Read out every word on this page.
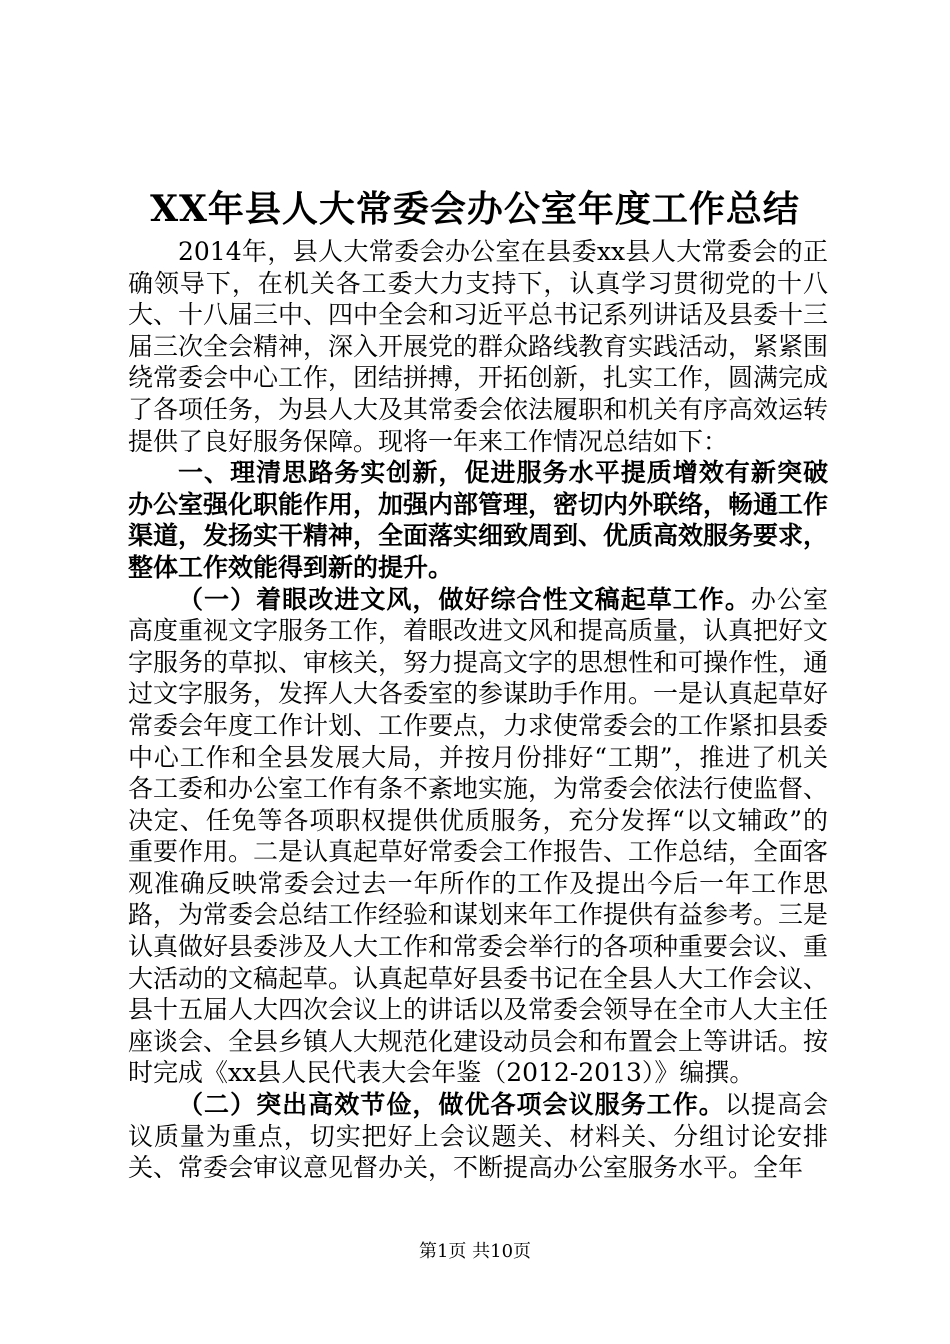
XX年县人大常委会办公室年度工作总结

2014年，县人大常委会办公室在县委xx县人大常委会的正确领导下，在机关各工委大力支持下，认真学习贯彻党的十八大、十八届三中、四中全会和习近平总书记系列讲话及县委十三届三次全会精神，深入开展党的群众路线教育实践活动，紧紧围绕常委会中心工作，团结拼搏，开拓创新，扎实工作，圆满完成了各项任务，为县人大及其常委会依法履职和机关有序高效运转提供了良好服务保障。现将一年来工作情况总结如下：

一、理清思路务实创新，促进服务水平提质增效有新突破办公室强化职能作用，加强内部管理，密切内外联络，畅通工作渠道，发扬实干精神，全面落实细致周到、优质高效服务要求，整体工作效能得到新的提升。

（一）着眼改进文风，做好综合性文稿起草工作。办公室高度重视文字服务工作，着眼改进文风和提高质量，认真把好文字服务的草拟、审核关，努力提高文字的思想性和可操作性，通过文字服务，发挥人大各委室的参谋助手作用。一是认真起草好常委会年度工作计划、工作要点，力求使常委会的工作紧扣县委中心工作和全县发展大局，并按月份排好“工期”，推进了机关各工委和办公室工作有条不紊地实施，为常委会依法行使监督、决定、任免等各项职权提供优质服务，充分发挥“以文辅政”的重要作用。二是认真起草好常委会工作报告、工作总结，全面客观准确反映常委会过去一年所作的工作及提出今后一年工作思路，为常委会总结工作经验和谋划来年工作提供有益参考。三是认真做好县委涉及人大工作和常委会举行的各项种重要会议、重大活动的文稿起草。认真起草好县委书记在全县人大工作会议、县十五届人大四次会议上的讲话以及常委会领导在全市人大主任座谈会、全县乡镇人大规范化建设动员会和布置会上等讲话。按时完成《xx县人民代表大会年鉴（2012-2013）》编撰。

（二）突出高效节俭，做优各项会议服务工作。以提高会议质量为重点，切实把好上会议题关、材料关、分组讨论安排关、常委会审议意见督办关，不断提高办公室服务水平。全年

第1页 共10页
